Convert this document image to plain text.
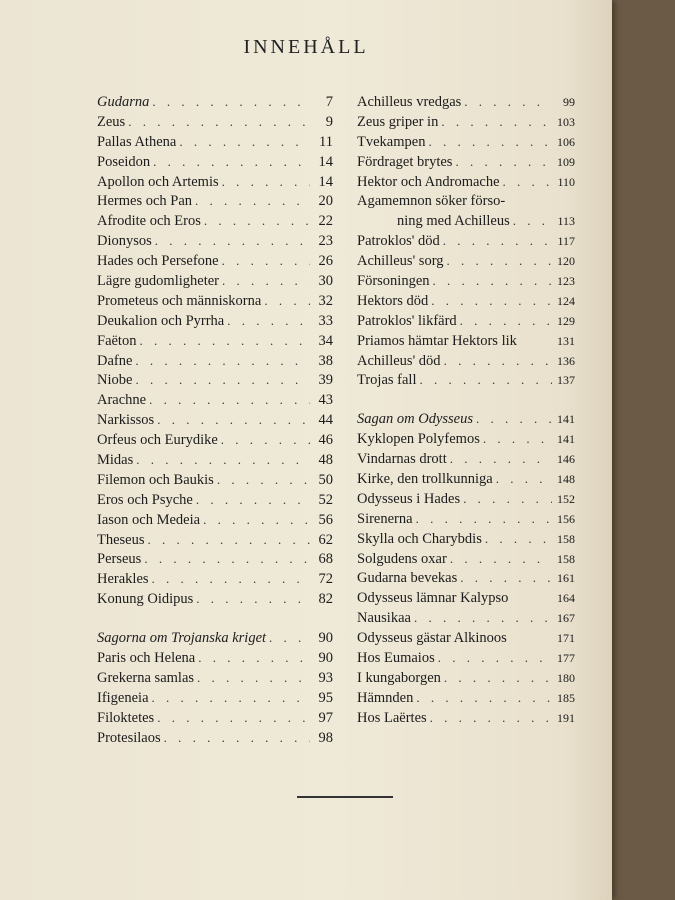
INNEHÅLL
Gudarna . . .	7
Zeus . . .	9
Pallas Athena . . .	11
Poseidon . . .	14
Apollon och Artemis . . .	14
Hermes och Pan . . .	20
Afrodite och Eros . . .	22
Dionysos . . .	23
Hades och Persefone . . .	26
Lägre gudomligheter . . .	30
Prometeus och människorna . . .	32
Deukalion och Pyrrha . . .	33
Faëton . . .	34
Dafne . . .	38
Niobe . . .	39
Arachne . . .	43
Narkissos . . .	44
Orfeus och Eurydike . . .	46
Midas . . .	48
Filemon och Baukis . . .	50
Eros och Psyche . . .	52
Iason och Medeia . . .	56
Theseus . . .	62
Perseus . . .	68
Herakles . . .	72
Konung Oidipus . . .	82
Sagorna om Trojanska kriget . . .	90
Paris och Helena . . .	90
Grekerna samlas . . .	93
Ifigeneia . . .	95
Filoktetes . . .	97
Protesilaos . . .	98
Achilleus vredgas . . .	99
Zeus griper in . . .	103
Tvekampen . . .	106
Fördraget brytes . . .	109
Hektor och Andromache . . .	110
Agamemnon söker förso-
ning med Achilleus . . .	113
Patroklos' död . . .	117
Achilleus' sorg . . .	120
Försoningen . . .	123
Hektors död . . .	124
Patroklos' likfärd . . .	129
Priamos hämtar Hektors lik	131
Achilleus' död . . .	136
Trojas fall . . .	137
Sagan om Odysseus . . .	141
Kyklopen Polyfemos . . .	141
Vindarnas drott . . .	146
Kirke, den trollkunniga . . .	148
Odysseus i Hades . . .	152
Sirenerna . . .	156
Skylla och Charybdis . . .	158
Solgudens oxar . . .	158
Gudarna bevekas . . .	161
Odysseus lämnar Kalypso	164
Nausikaa . . .	167
Odysseus gästar Alkinoos	171
Hos Eumaios . . .	177
I kungaborgen . . .	180
Hämnden . . .	185
Hos Laërtes . . .	191
